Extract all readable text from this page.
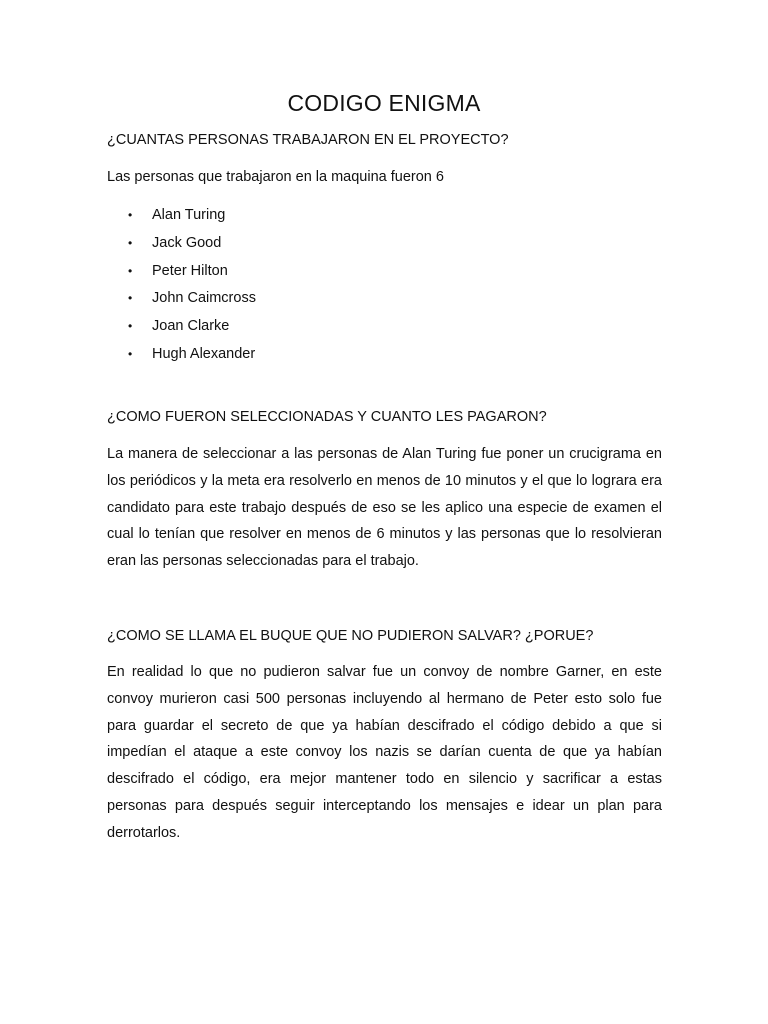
CODIGO ENIGMA
¿CUANTAS PERSONAS TRABAJARON EN EL PROYECTO?
Las personas que trabajaron en la maquina fueron 6
• Alan Turing
• Jack Good
• Peter Hilton
• John Caimcross
• Joan Clarke
• Hugh Alexander
¿COMO FUERON SELECCIONADAS Y CUANTO LES PAGARON?
La manera de seleccionar a las personas de Alan Turing fue poner un crucigrama en los periódicos y la meta era resolverlo en menos de 10 minutos y el que lo lograra era candidato para este trabajo después de eso se les aplico una especie de examen el cual lo tenían que resolver en menos de 6 minutos y las personas que lo resolvieran eran las personas seleccionadas para el trabajo.
¿COMO SE LLAMA EL BUQUE QUE NO PUDIERON SALVAR? ¿PORUE?
En realidad lo que no pudieron salvar fue un convoy de nombre Garner, en este convoy murieron casi 500 personas incluyendo al hermano de Peter esto solo fue para guardar el secreto de que ya habían descifrado el código debido a que si impedían el ataque a este convoy los nazis se darían cuenta de que ya habían descifrado el código, era mejor mantener todo en silencio y sacrificar a estas personas para después seguir interceptando los mensajes e idear un plan para derrotarlos.
